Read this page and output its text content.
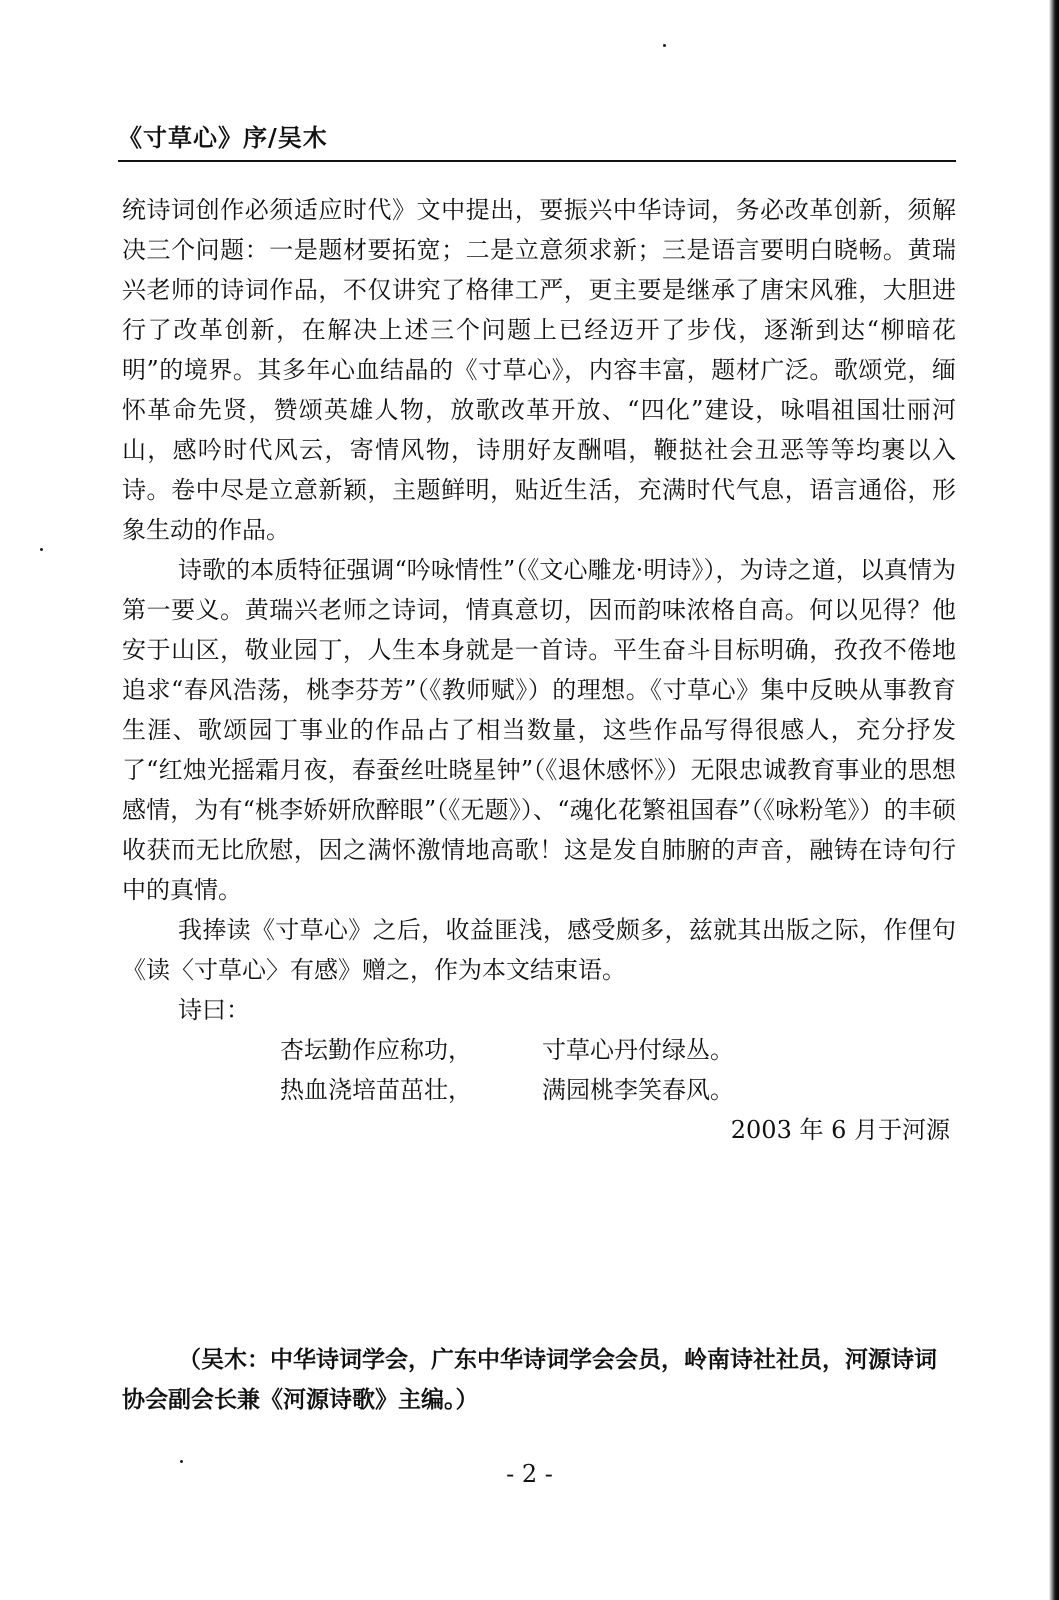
《寸草心》序/吴木

统诗词创作必须适应时代》文中提出，要振兴中华诗词，务必改革创新，须解决三个问题：一是题材要拓宽；二是立意须求新；三是语言要明白晓畅。黄瑞兴老师的诗词作品，不仅讲究了格律工严，更主要是继承了唐宋风雅，大胆进行了改革创新，在解决上述三个问题上已经迈开了步伐，逐渐到达“柳暗花明”的境界。其多年心血结晶的《寸草心》，内容丰富，题材广泛。歌颂党，缅怀革命先贤，赞颂英雄人物，放歌改革开放、“四化”建设，咏唱祖国壮丽河山，感吟时代风云，寄情风物，诗朋好友酬唱，鞭挞社会丑恶等等均裹以入诗。卷中尽是立意新颖，主题鲜明，贴近生活，充满时代气息，语言通俗，形象生动的作品。

诗歌的本质特征强调“吟咏情性”（《文心雕龙·明诗》），为诗之道，以真情为第一要义。黄瑞兴老师之诗词，情真意切，因而韵味浓格自高。何以见得？他安于山区，敬业园丁，人生本身就是一首诗。平生奋斗目标明确，孜孜不倦地追求“春风浩荡，桃李芬芳”（《教师赋》）的理想。《寸草心》集中反映从事教育生涯、歌颂园丁事业的作品占了相当数量，这些作品写得很感人，充分抒发了“红烛光摇霜月夜，春蚕丝吐晓星钟”（《退休感怀》）无限忠诚教育事业的思想感情，为有“桃李娇妍欣醉眼”（《无题》）、“魂化花繁祖国春”（《咏粉笔》）的丰硕收获而无比欣慰，因之满怀激情地高歌！这是发自肺腑的声音，融铸在诗句行中的真情。

我捧读《寸草心》之后，收益匪浅，感受颇多，兹就其出版之际，作俚句《读〈寸草心〉有感》赠之，作为本文结束语。

诗曰：

杏坛勤作应称功，	寸草心丹付绿丛。
热血浇培苗茁壮，	满园桃李笑春风。

2003 年 6 月于河源

（吴木：中华诗词学会，广东中华诗词学会会员，岭南诗社社员，河源诗词协会副会长兼《河源诗歌》主编。）

- 2 -
